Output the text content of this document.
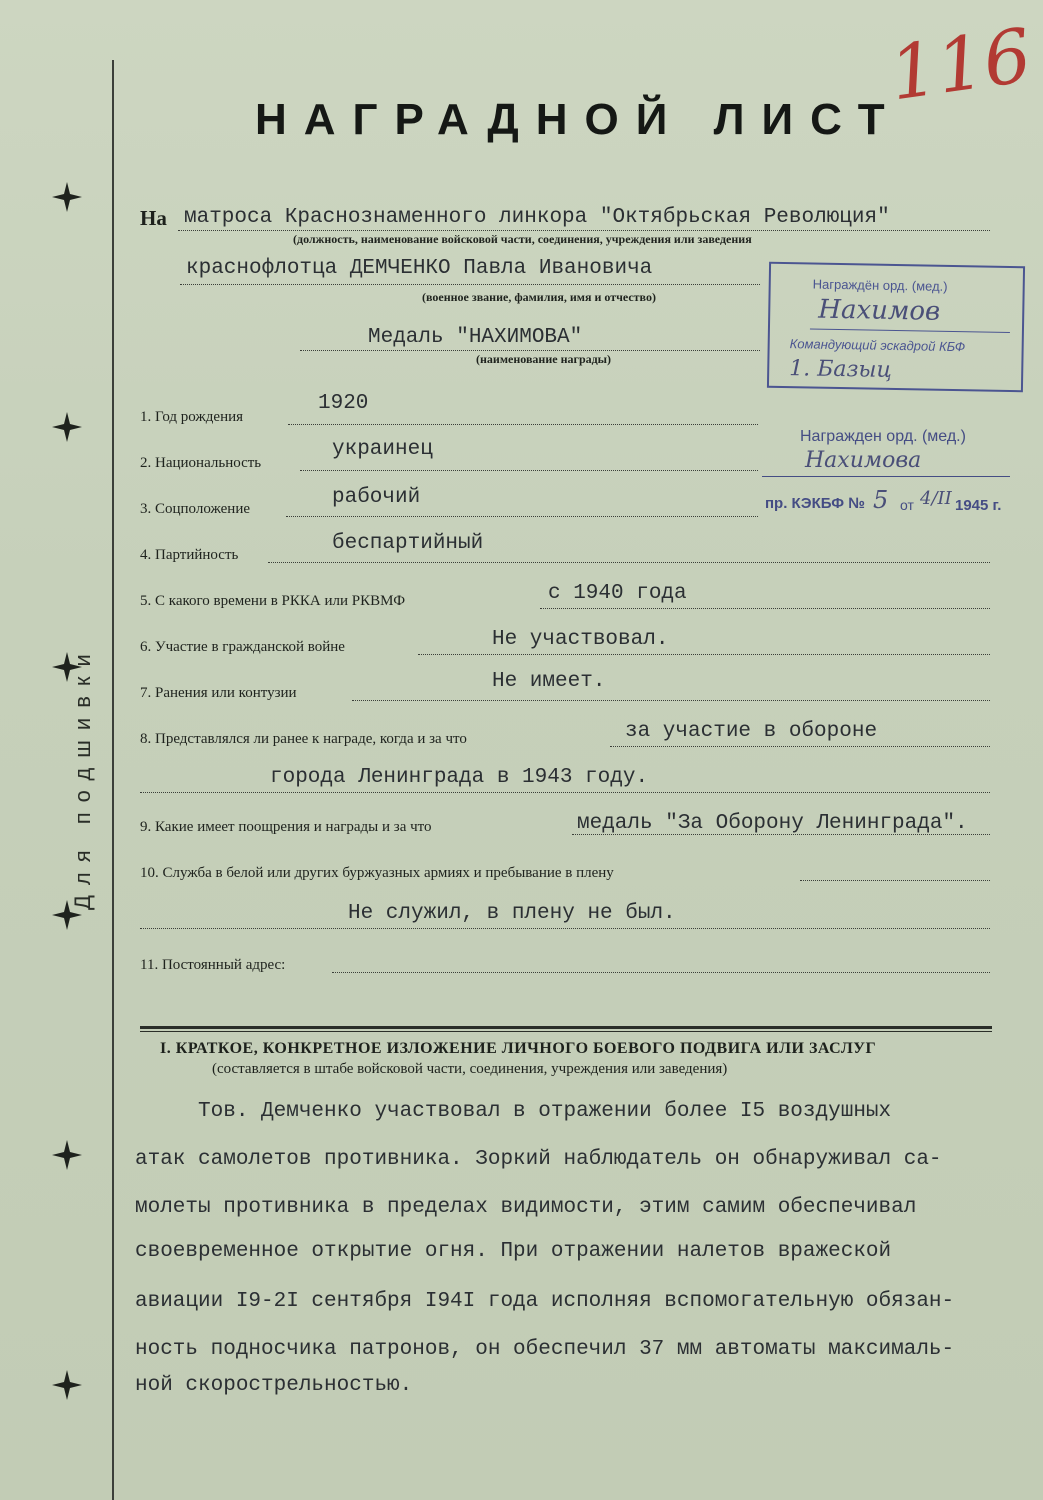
Для подшивки
116
НАГРАДНОЙ ЛИСТ
На матроса Краснознаменного линкора "Октябрьская Революция"
(должность, наименование войсковой части, соединения, учреждения или заведения
краснофлотца ДЕМЧЕНКО Павла Ивановича
(военное звание, фамилия, имя и отчество)
Медаль "НАХИМОВА"
(наименование награды)
Награждён орд. (мед.)
Нахимов
Командующий эскадрой КБФ
1. Базыц
Награжден орд. (мед.)
Нахимова
пр. КЭКБФ № 5 от 4/II 1945 г.
1. Год рождения
1920
2. Национальность
украинец
3. Соцположение	рабочий
4. Партийность	беспартийный
5. С какого времени в РККА или РКВМФ	с 1940 года
6. Участие в гражданской войне	Не участвовал.
7. Ранения или контузии	Не имеет.
8. Представлялся ли ранее к награде, когда и за что	за участие в обороне
города Ленинграда в 1943 году.
9. Какие имеет поощрения и награды и за что	медаль "За Оборону Ленинграда".
10. Служба в белой или других буржуазных армиях и пребывание в плену
Не служил, в плену не был.
11. Постоянный адрес:
I. КРАТКОЕ, КОНКРЕТНОЕ ИЗЛОЖЕНИЕ ЛИЧНОГО БОЕВОГО ПОДВИГА ИЛИ ЗАСЛУГ
(составляется в штабе войсковой части, соединения, учреждения или заведения)
Тов. Демченко участвовал в отражении более I5 воздушных
атак самолетов противника. Зоркий наблюдатель он обнаруживал са-
молеты противника в пределах видимости, этим самим обеспечивал
своевременное открытие огня. При отражении налетов вражеской
авиации I9-2I сентября I94I года исполняя вспомогательную обязан-
ность подносчика патронов, он обеспечил 37 мм автоматы максималь-
ной скорострельностью.
